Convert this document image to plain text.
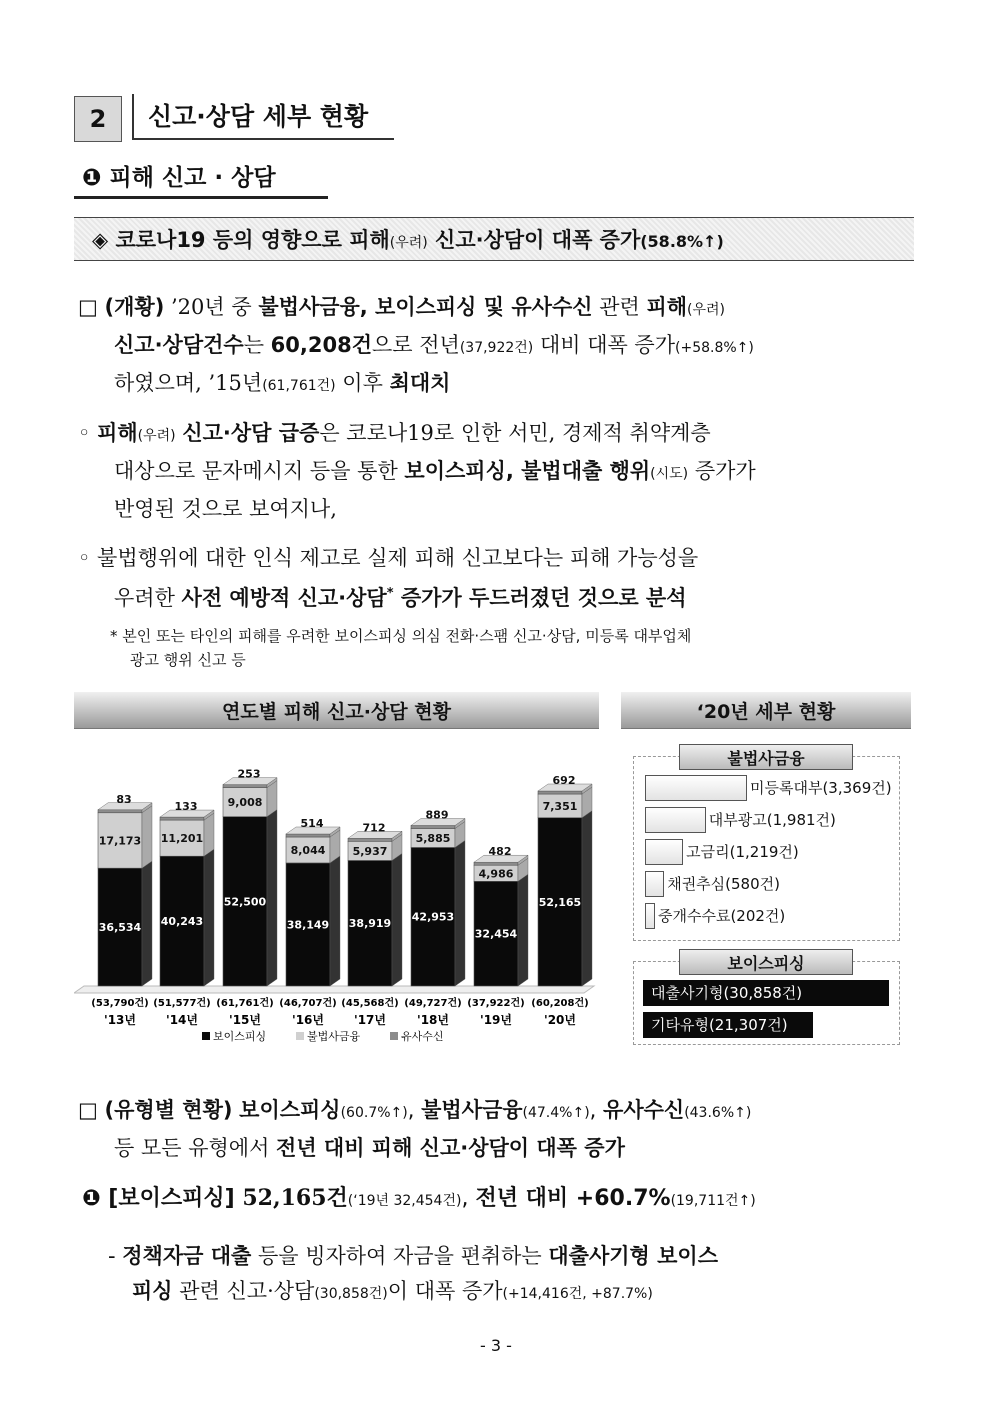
2	신고·상담 세부 현황
❶ 피해 신고 · 상담
◈ 코로나19 등의 영향으로 피해(우려) 신고·상담이 대폭 증가(58.8%↑)
□ (개황) ’20년 중 불법사금융, 보이스피싱 및 유사수신 관련 피해(우려)
신고·상담건수는 60,208건으로 전년(37,922건) 대비 대폭 증가(+58.8%↑)
하였으며, ’15년(61,761건) 이후 최대치
◦ 피해(우려) 신고·상담 급증은 코로나19로 인한 서민, 경제적 취약계층
대상으로 문자메시지 등을 통한 보이스피싱, 불법대출 행위(시도) 증가가
반영된 것으로 보여지나,
◦ 불법행위에 대한 인식 제고로 실제 피해 신고보다는 피해 가능성을
우려한 사전 예방적 신고·상담* 증가가 두드러졌던 것으로 분석
* 본인 또는 타인의 피해를 우려한 보이스피싱 의심 전화·스팸 신고·상담, 미등록 대부업체
광고 행위 신고 등
연도별 피해 신고·상담 현황
36,534
17,173
83
(53,790건)
'13년
40,243
11,201
133
(51,577건)
'14년
52,500
9,008
253
(61,761건)
'15년
38,149
8,044
514
(46,707건)
'16년
38,919
5,937
712
(45,568건)
'17년
42,953
5,885
889
(49,727건)
'18년
32,454
4,986
482
(37,922건)
'19년
52,165
7,351
692
(60,208건)
'20년
보이스피싱	불법사금융	유사수신
‘20년 세부 현황
불법사금융
미등록대부(3,369건)
대부광고(1,981건)
고금리(1,219건)
채권추심(580건)
중개수수료(202건)
보이스피싱
대출사기형(30,858건)
기타유형(21,307건)
□ (유형별 현황) 보이스피싱(60.7%↑), 불법사금융(47.4%↑), 유사수신(43.6%↑)
등 모든 유형에서 전년 대비 피해 신고·상담이 대폭 증가
❶ [보이스피싱] 52,165건(‘19년 32,454건), 전년 대비 +60.7%(19,711건↑)
- 정책자금 대출 등을 빙자하여 자금을 편취하는 대출사기형 보이스
피싱 관련 신고·상담(30,858건)이 대폭 증가(+14,416건, +87.7%)
- 3 -
